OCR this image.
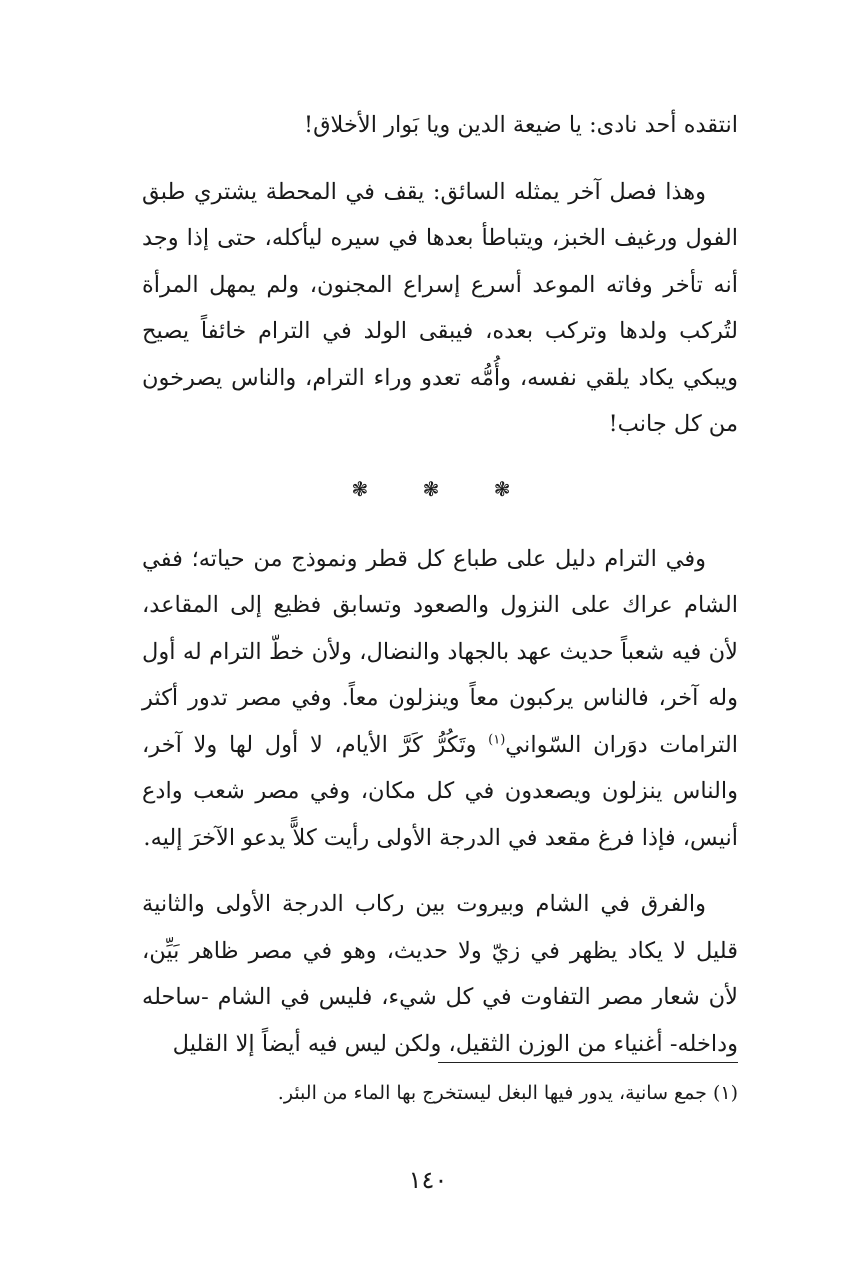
انتقده أحد نادى: يا ضيعة الدين ويا بَوار الأخلاق!

وهذا فصل آخر يمثله السائق: يقف في المحطة يشتري طبق الفول ورغيف الخبز، ويتباطأ بعدها في سيره ليأكله، حتى إذا وجد أنه تأخر وفاته الموعد أسرع إسراع المجنون، ولم يمهل المرأة لتُركب ولدها وتركب بعده، فيبقى الولد في الترام خائفاً يصيح ويبكي يكاد يلقي نفسه، وأُمُّه تعدو وراء الترام، والناس يصرخون من كل جانب!

❃ ❃ ❃

وفي الترام دليل على طباع كل قطر ونموذج من حياته؛ ففي الشام عراك على النزول والصعود وتسابق فظيع إلى المقاعد، لأن فيه شعباً حديث عهد بالجهاد والنضال، ولأن خطّ الترام له أول وله آخر، فالناس يركبون معاً وينزلون معاً. وفي مصر تدور أكثر الترامات دوَران السّواني$^{(١)}$ وتَكُرُّ كَرَّ الأيام، لا أول لها ولا آخر، والناس ينزلون ويصعدون في كل مكان، وفي مصر شعب وادع أنيس، فإذا فرغ مقعد في الدرجة الأولى رأيت كلاًّ يدعو الآخرَ إليه.

والفرق في الشام وبيروت بين ركاب الدرجة الأولى والثانية قليل لا يكاد يظهر في زيّ ولا حديث، وهو في مصر ظاهر بَيِّن، لأن شعار مصر التفاوت في كل شيء، فليس في الشام -ساحله وداخله- أغنياء من الوزن الثقيل، ولكن ليس فيه أيضاً إلا القليل

(١) جمع سانية، يدور فيها البغل ليستخرج بها الماء من البئر.
١٤٠
